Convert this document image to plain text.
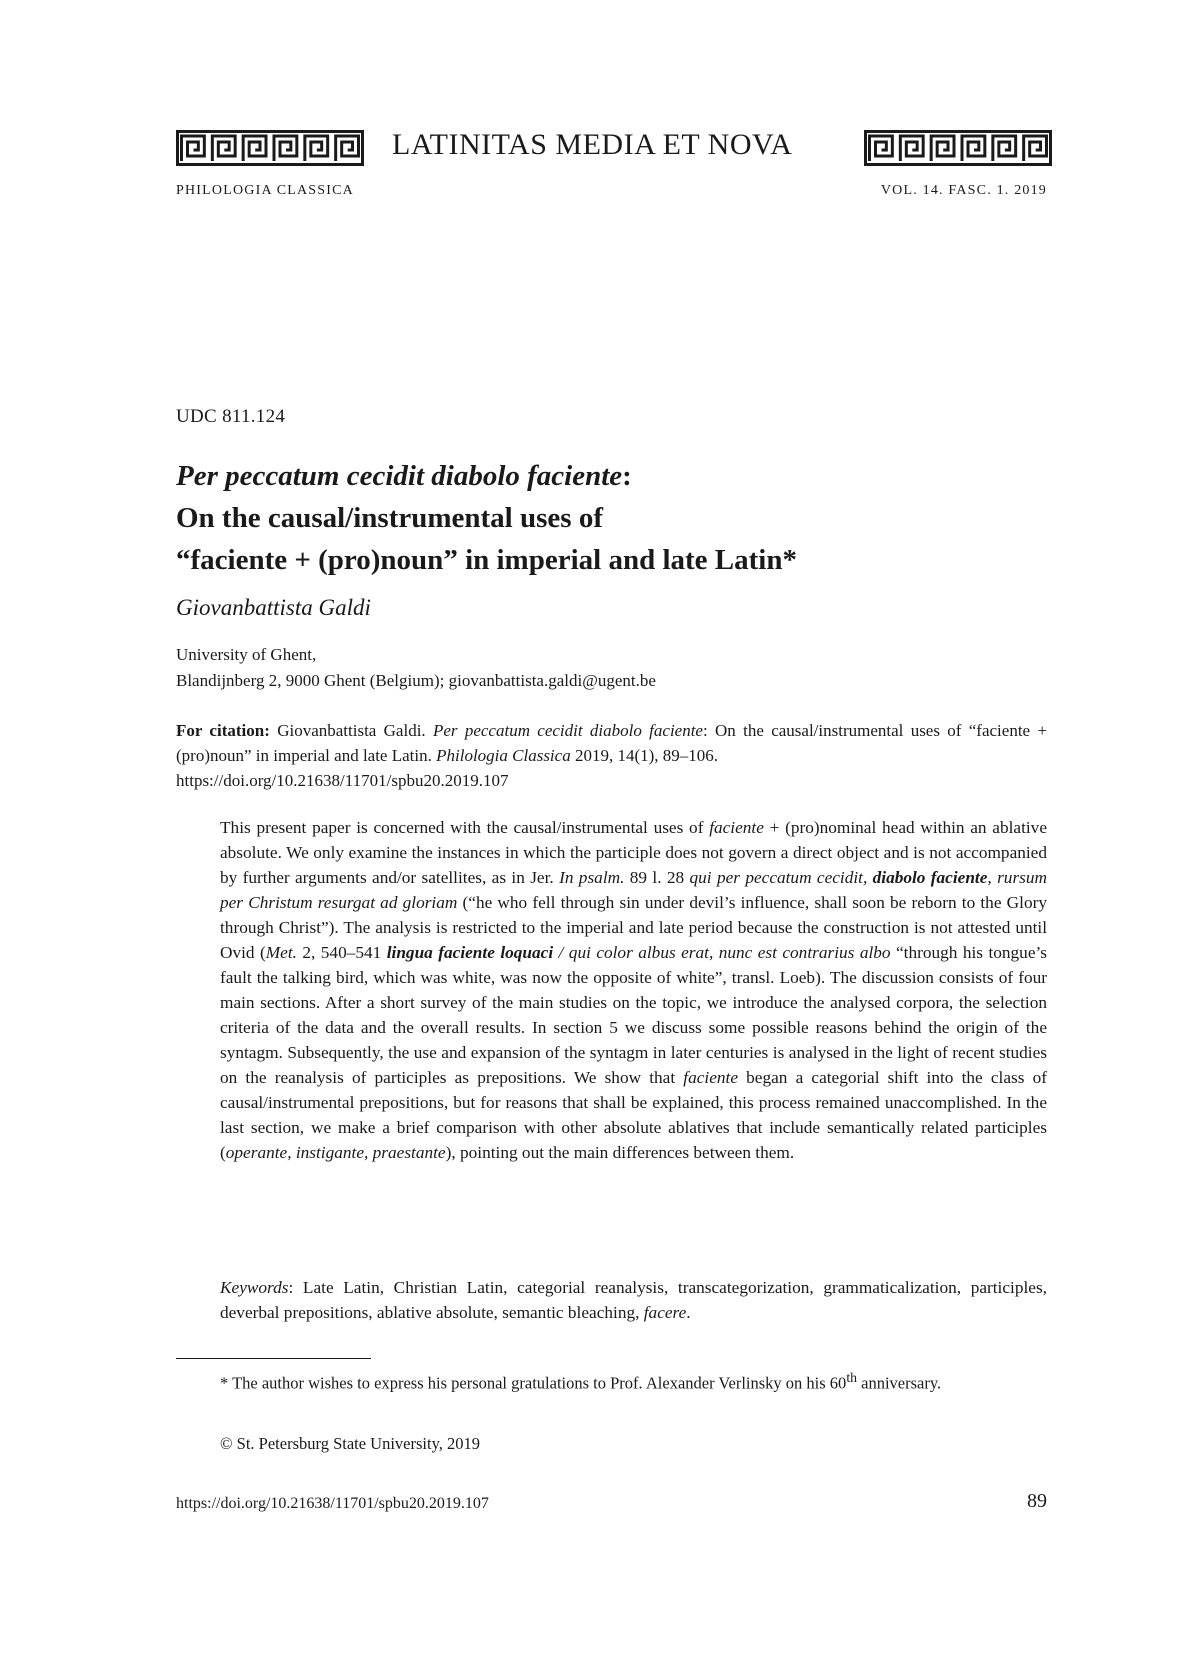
LATINITAS MEDIA ET NOVA
PHILOLOGIA CLASSICA	VOL. 14. FASC. 1. 2019
UDC 811.124
Per peccatum cecidit diabolo faciente:
On the causal/instrumental uses of
“faciente + (pro)noun” in imperial and late Latin*
Giovanbattista Galdi
University of Ghent,
Blandijnberg 2, 9000 Ghent (Belgium); giovanbattista.galdi@ugent.be
For citation: Giovanbattista Galdi. Per peccatum cecidit diabolo faciente: On the causal/instrumental uses of “faciente + (pro)noun” in imperial and late Latin. Philologia Classica 2019, 14(1), 89–106.
https://doi.org/10.21638/11701/spbu20.2019.107
This present paper is concerned with the causal/instrumental uses of faciente + (pro)nominal head within an ablative absolute. We only examine the instances in which the participle does not govern a direct object and is not accompanied by further arguments and/or satellites, as in Jer. In psalm. 89 l. 28 qui per peccatum cecidit, diabolo faciente, rursum per Christum resurgat ad gloriam (“he who fell through sin under devil’s influence, shall soon be reborn to the Glory through Christ”). The analysis is restricted to the imperial and late period because the construction is not attested until Ovid (Met. 2, 540–541 lingua faciente loquaci / qui color albus erat, nunc est contrarius albo “through his tongue’s fault the talking bird, which was white, was now the opposite of white”, transl. Loeb). The discussion consists of four main sections. After a short survey of the main studies on the topic, we introduce the analysed corpora, the selection criteria of the data and the overall results. In section 5 we discuss some possible reasons behind the origin of the syntagm. Subsequently, the use and expansion of the syntagm in later centuries is analysed in the light of recent studies on the reanalysis of participles as prepositions. We show that faciente began a categorial shift into the class of causal/instrumental prepositions, but for reasons that shall be explained, this process remained unaccomplished. In the last section, we make a brief comparison with other absolute ablatives that include semantically related participles (operante, instigante, praestante), pointing out the main differences between them.
Keywords: Late Latin, Christian Latin, categorial reanalysis, transcategorization, grammaticalization, participles, deverbal prepositions, ablative absolute, semantic bleaching, facere.
* The author wishes to express his personal gratulations to Prof. Alexander Verlinsky on his 60th anniversary.
© St. Petersburg State University, 2019
https://doi.org/10.21638/11701/spbu20.2019.107	89
